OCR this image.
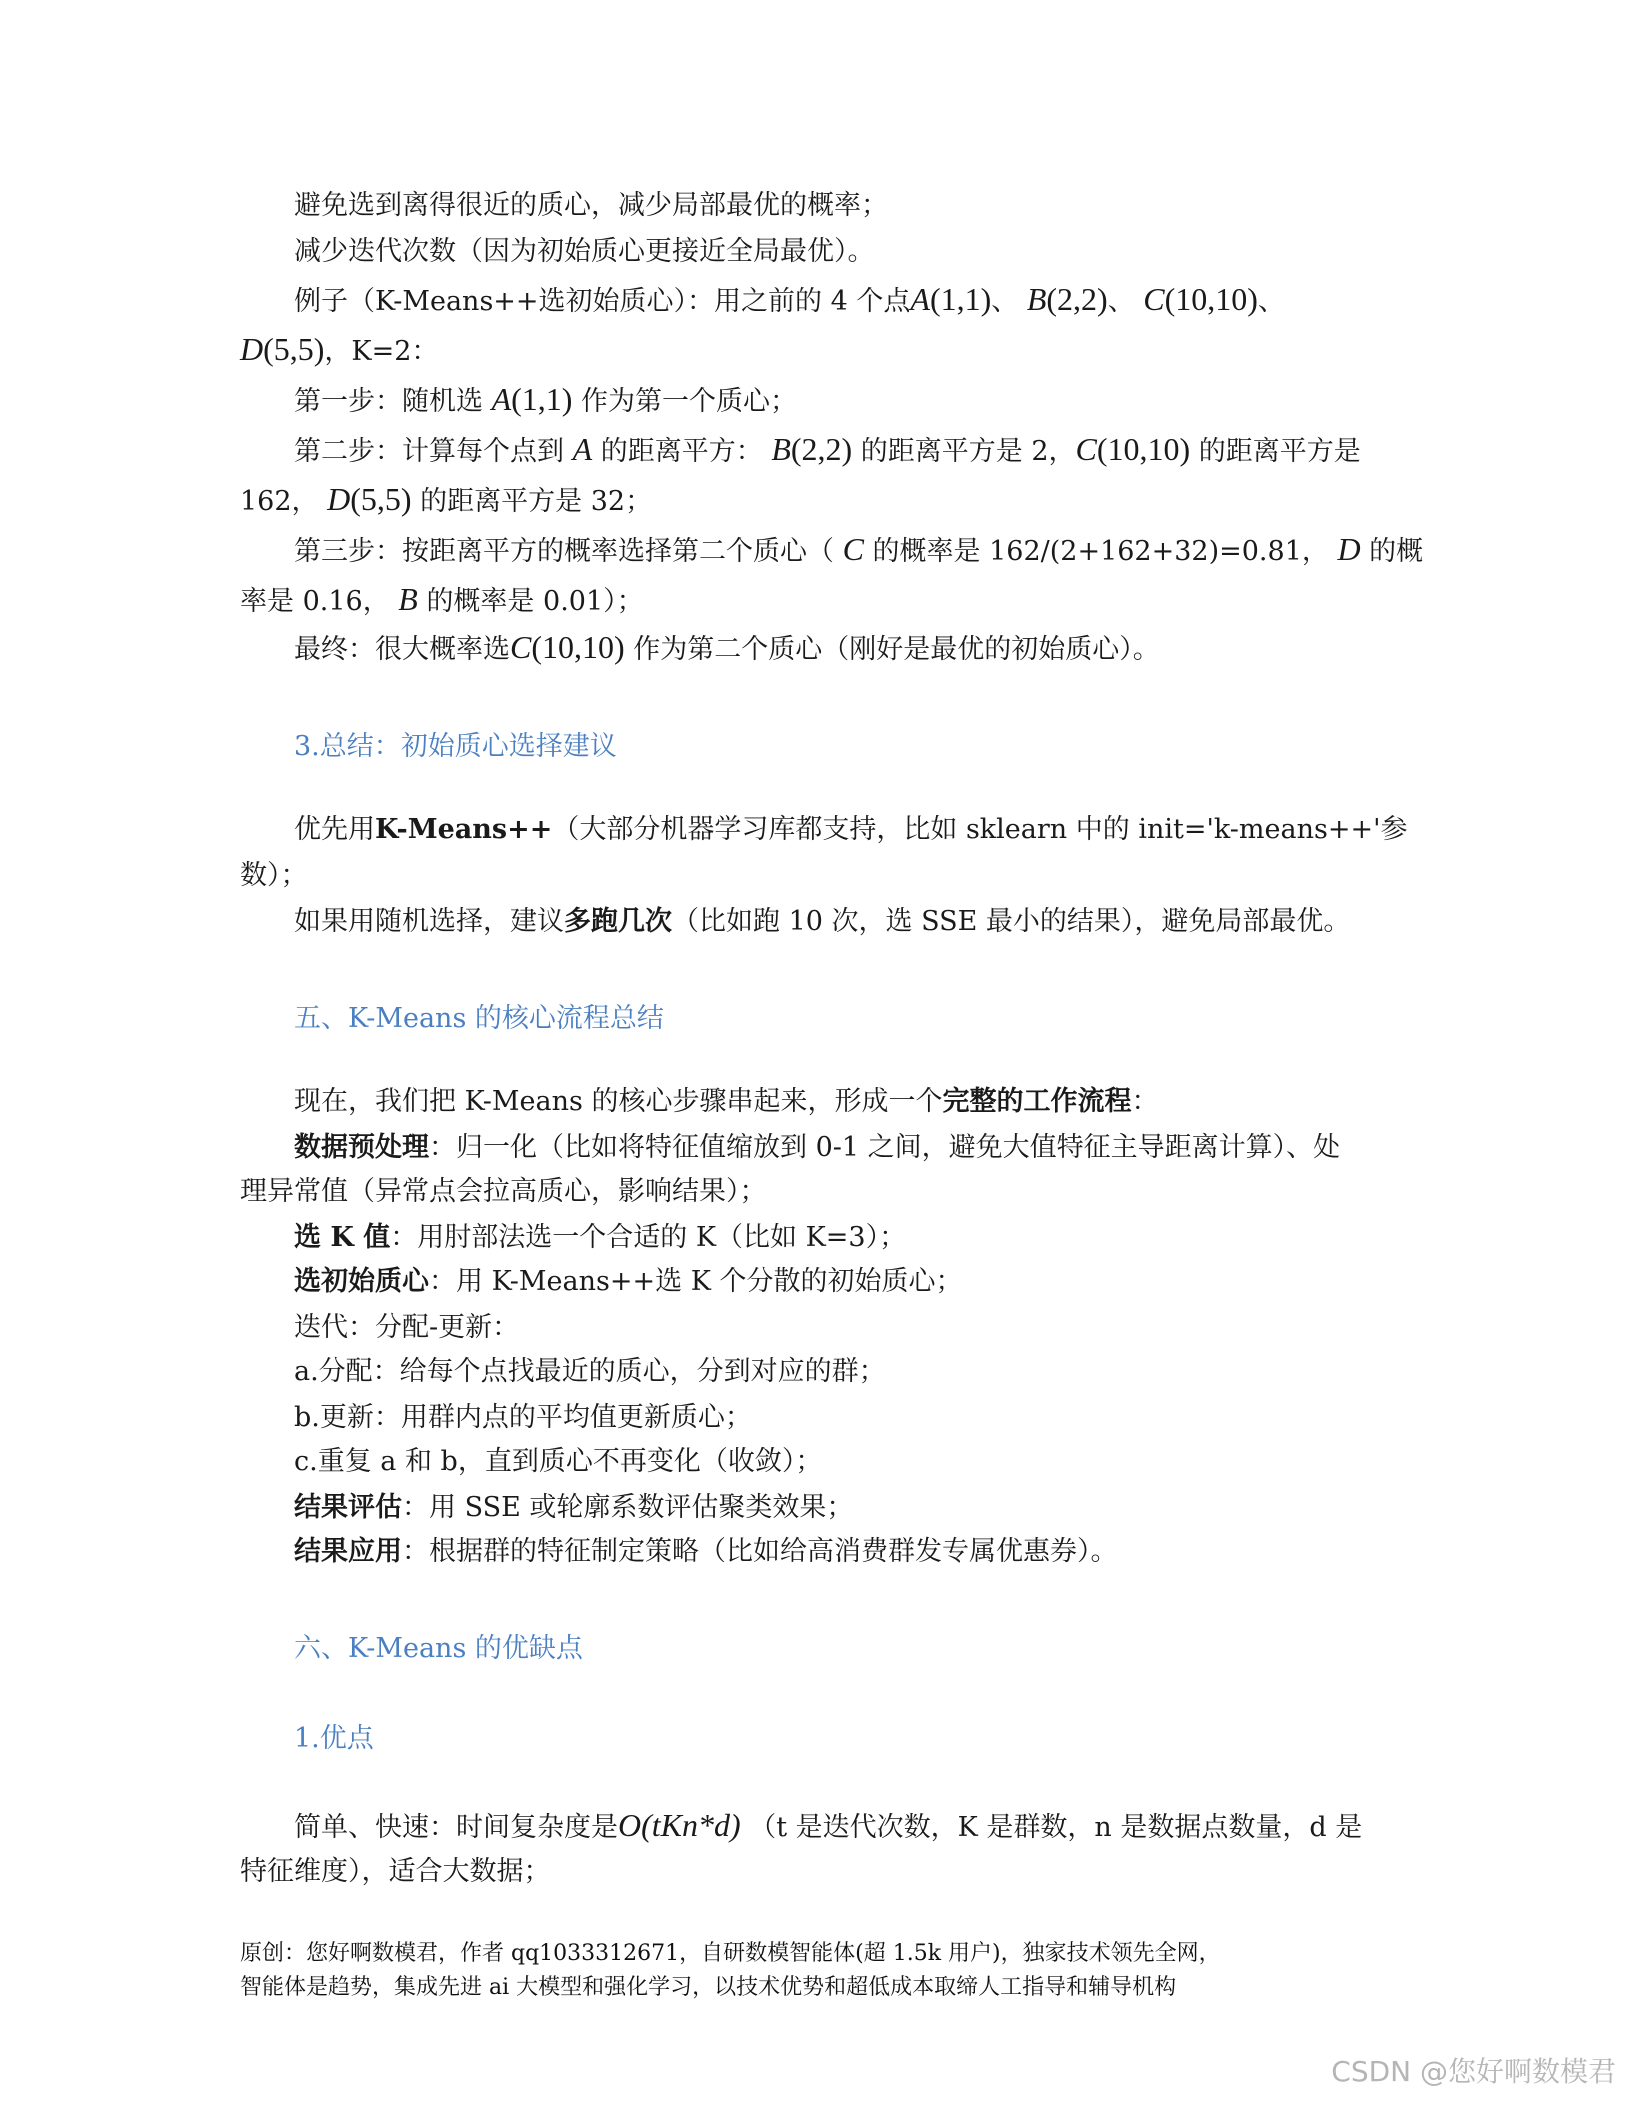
避免选到离得很近的质心，减少局部最优的概率；
减少迭代次数（因为初始质心更接近全局最优）。
例子（K-Means++选初始质心）：用之前的 4 个点A(1,1)、 B(2,2)、 C(10,10)、
D(5,5)，K=2：
第一步：随机选 A(1,1) 作为第一个质心；
第二步：计算每个点到 A 的距离平方： B(2,2) 的距离平方是 2，C(10,10) 的距离平方是
162， D(5,5) 的距离平方是 32；
第三步：按距离平方的概率选择第二个质心（ C 的概率是 162/(2+162+32)=0.81， D 的概
率是 0.16， B 的概率是 0.01）；
最终：很大概率选C(10,10) 作为第二个质心（刚好是最优的初始质心）。
3.总结：初始质心选择建议
优先用K-Means++（大部分机器学习库都支持，比如 sklearn 中的 init='k-means++'参
数）；
如果用随机选择，建议多跑几次（比如跑 10 次，选 SSE 最小的结果），避免局部最优。
五、K-Means 的核心流程总结
现在，我们把 K-Means 的核心步骤串起来，形成一个完整的工作流程：
数据预处理：归一化（比如将特征值缩放到 0-1 之间，避免大值特征主导距离计算）、处
理异常值（异常点会拉高质心，影响结果）；
选 K 值：用肘部法选一个合适的 K（比如 K=3）；
选初始质心：用 K-Means++选 K 个分散的初始质心；
迭代：分配-更新：
a.分配：给每个点找最近的质心，分到对应的群；
b.更新：用群内点的平均值更新质心；
c.重复 a 和 b，直到质心不再变化（收敛）；
结果评估：用 SSE 或轮廓系数评估聚类效果；
结果应用：根据群的特征制定策略（比如给高消费群发专属优惠券）。
六、K-Means 的优缺点
1.优点
简单、快速：时间复杂度是O(tKn*d) （t 是迭代次数，K 是群数，n 是数据点数量，d 是
特征维度），适合大数据；
原创：您好啊数模君，作者 qq1033312671，自研数模智能体(超 1.5k 用户)，独家技术领先全网，
智能体是趋势，集成先进 ai 大模型和强化学习，以技术优势和超低成本取缔人工指导和辅导机构
CSDN @您好啊数模君
